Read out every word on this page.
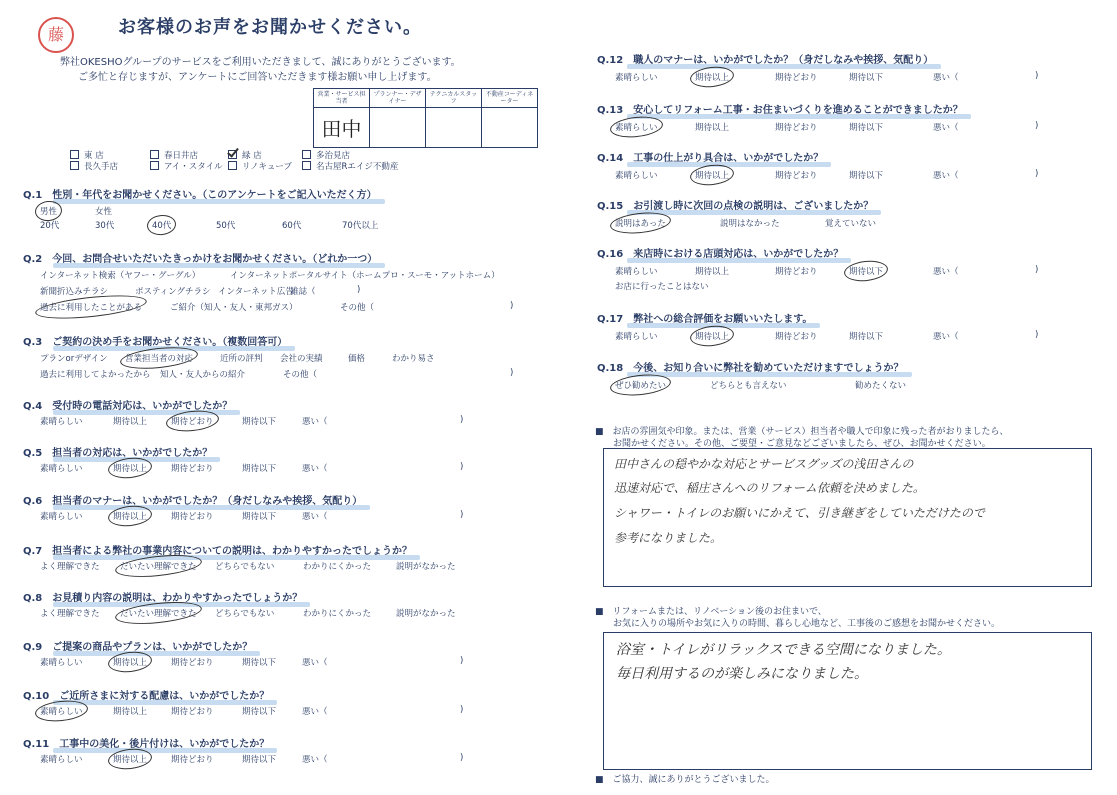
藤	お客様のお声をお聞かせください。
弊社OKESHOグループのサービスをご利用いただきまして、誠にありがとうございます。
ご多忙と存じますが、アンケートにご回答いただきます様お願い申し上げます。
営業・サービス担当者	プランナー・デザイナー	テクニカルスタッフ	不動産コーディネーター
田中			
東 店	春日井店	緑 店	多治見店
長久手店	アイ・スタイル	リノキューブ	名古屋Rエイジ不動産
Q.1　性別・年代をお聞かせください。（このアンケートをご記入いただく方）
男性	女性
20代	30代	40代	50代	60代	70代以上
Q.2　今回、お問合せいただいたきっかけをお聞かせください。（どれか一つ）
インターネット検索（ヤフー・グーグル）	インターネットポータルサイト（ホームプロ・スーモ・アットホーム）
新聞折込みチラシ	ポスティングチラシ インターネット広告
雑誌（	)
過去に利用したことがある	ご紹介（知人・友人・東邦ガス）	その他（	)
Q.3　ご契約の決め手をお聞かせください。（複数回答可）
プランorデザイン 営業担当者の対応	近所の評判 会社の実績	価格	わかり易さ
過去に利用してよかったから 知人・友人からの紹介	その他（	)
Q.4　受付時の電話対応は、いかがでしたか？
素晴らしい	期待以上	期待どおり	期待以下	悪い（	)
Q.5　担当者の対応は、いかがでしたか？
素晴らしい	期待以上	期待どおり	期待以下	悪い（	)
Q.6　担当者のマナーは、いかがでしたか？（身だしなみや挨拶、気配り）
素晴らしい	期待以上	期待どおり	期待以下	悪い（	)
Q.7　担当者による弊社の事業内容についての説明は、わかりやすかったでしょうか？
よく理解できた だいたい理解できた どちらでもない	わかりにくかった	説明がなかった
Q.8　お見積り内容の説明は、わかりやすかったでしょうか？
よく理解できた だいたい理解できた どちらでもない	わかりにくかった	説明がなかった
Q.9　ご提案の商品やプランは、いかがでしたか？
素晴らしい	期待以上	期待どおり	期待以下	悪い（	)
Q.10　ご近所さまに対する配慮は、いかがでしたか？
素晴らしい	期待以上	期待どおり	期待以下	悪い（	)
Q.11　工事中の美化・後片付けは、いかがでしたか？
素晴らしい	期待以上	期待どおり	期待以下	悪い（	)
Q.12　職人のマナーは、いかがでしたか？（身だしなみや挨拶、気配り）
素晴らしい	期待以上	期待どおり	期待以下	悪い（	)
Q.13　安心してリフォーム工事・お住まいづくりを進めることができましたか？
素晴らしい	期待以上	期待どおり	期待以下	悪い（	)
Q.14　工事の仕上がり具合は、いかがでしたか？
素晴らしい	期待以上	期待どおり	期待以下	悪い（	)
Q.15　お引渡し時に次回の点検の説明は、ございましたか？
説明はあった	説明はなかった	覚えていない
Q.16　来店時における店頭対応は、いかがでしたか？
素晴らしい	期待以上	期待どおり	期待以下	悪い（	)
お店に行ったことはない
Q.17　弊社への総合評価をお願いいたします。
素晴らしい	期待以上	期待どおり	期待以下	悪い（	)
Q.18　今後、お知り合いに弊社を勧めていただけますでしょうか？
ぜひ勧めたい	どちらとも言えない	勧めたくない
■　お店の雰囲気や印象。または、営業（サービス）担当者や職人で印象に残った者がおりましたら、
　　お聞かせください。その他、ご要望・ご意見などございましたら、ぜひ、お聞かせください。
田中さんの穏やかな対応とサービスグッズの浅田さんの
迅速対応で、稲庄さんへのリフォーム依頼を決めました。
シャワー・トイレのお願いにかえて、引き継ぎをしていただけたので
参考になりました。
■　リフォームまたは、リノベーション後のお住まいで、
　　お気に入りの場所やお気に入りの時間、暮らし心地など、工事後のご感想をお聞かせください。
浴室・トイレがリラックスできる空間になりました。
毎日利用するのが楽しみになりました。
■　ご協力、誠にありがとうございました。
